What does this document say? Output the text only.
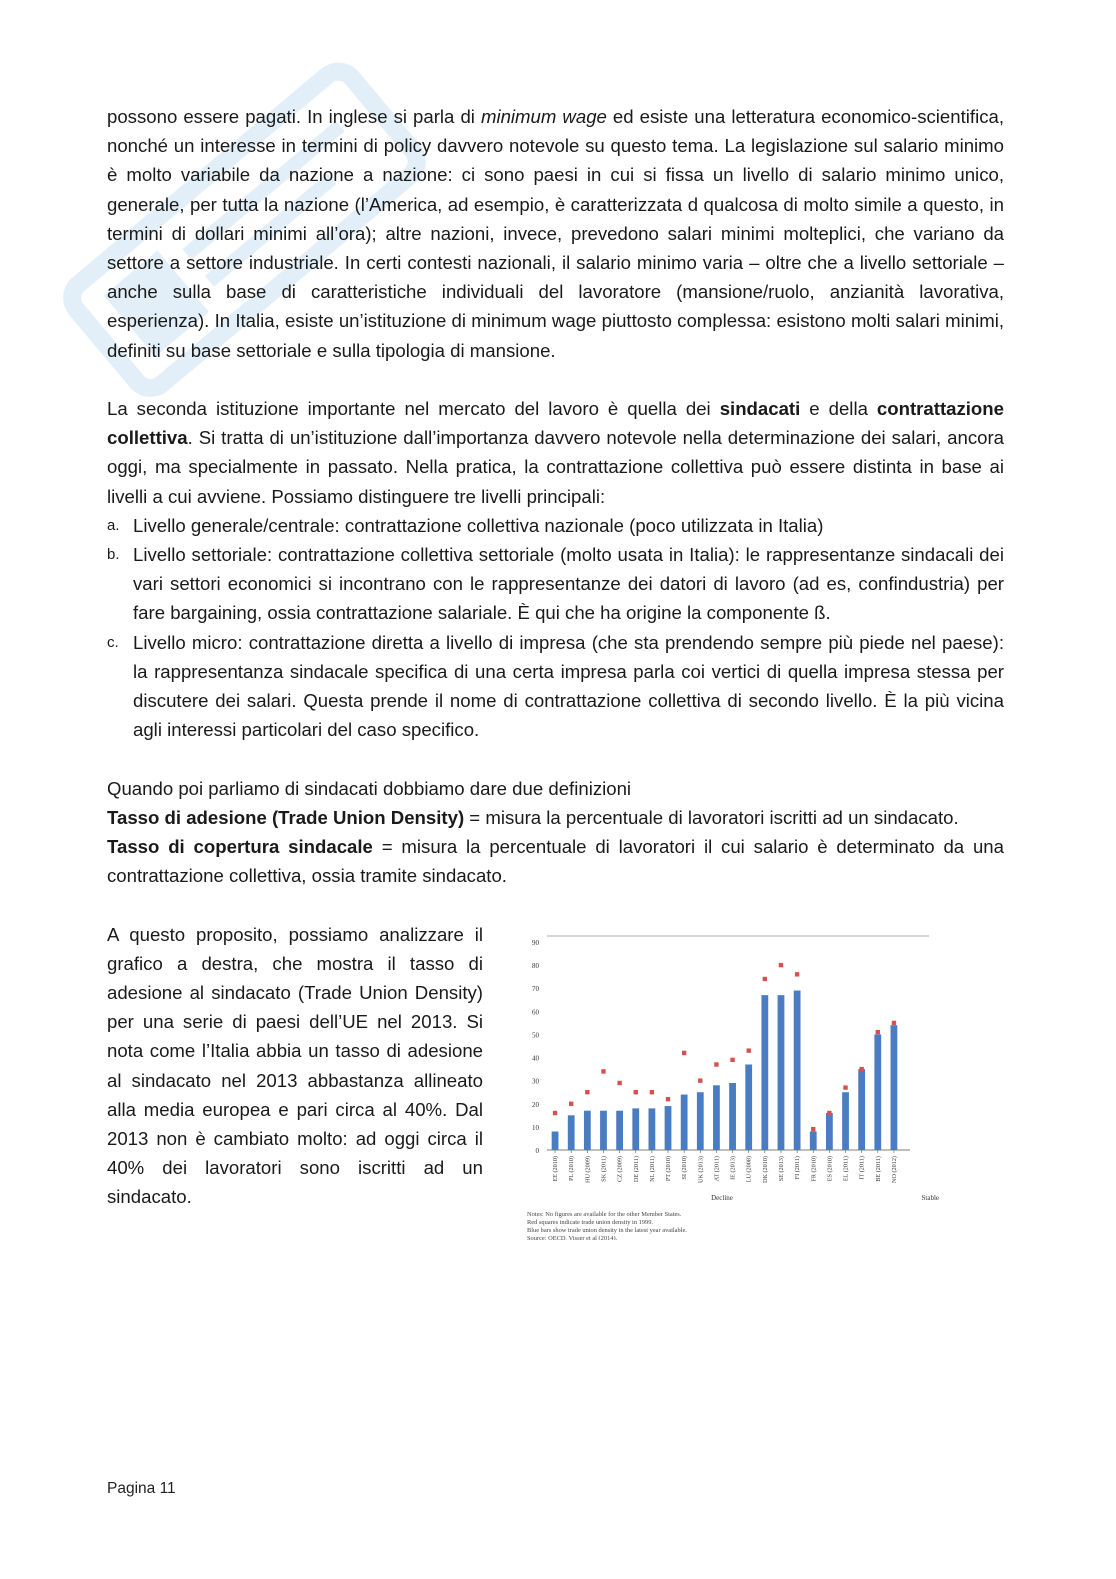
possono essere pagati. In inglese si parla di minimum wage ed esiste una letteratura economico-scientifica, nonché un interesse in termini di policy davvero notevole su questo tema. La legislazione sul salario minimo è molto variabile da nazione a nazione: ci sono paesi in cui si fissa un livello di salario minimo unico, generale, per tutta la nazione (l’America, ad esempio, è caratterizzata d qualcosa di molto simile a questo, in termini di dollari minimi all’ora); altre nazioni, invece, prevedono salari minimi molteplici, che variano da settore a settore industriale. In certi contesti nazionali, il salario minimo varia – oltre che a livello settoriale – anche sulla base di caratteristiche individuali del lavoratore (mansione/ruolo, anzianità lavorativa, esperienza). In Italia, esiste un’istituzione di minimum wage piuttosto complessa: esistono molti salari minimi, definiti su base settoriale e sulla tipologia di mansione.

La seconda istituzione importante nel mercato del lavoro è quella dei sindacati e della contrattazione collettiva. Si tratta di un’istituzione dall’importanza davvero notevole nella determinazione dei salari, ancora oggi, ma specialmente in passato. Nella pratica, la contrattazione collettiva può essere distinta in base ai livelli a cui avviene. Possiamo distinguere tre livelli principali:

a. Livello generale/centrale: contrattazione collettiva nazionale (poco utilizzata in Italia)
b. Livello settoriale: contrattazione collettiva settoriale (molto usata in Italia): le rappresentanze sindacali dei vari settori economici si incontrano con le rappresentanze dei datori di lavoro (ad es, confindustria) per fare bargaining, ossia contrattazione salariale. È qui che ha origine la componente ß.
c. Livello micro: contrattazione diretta a livello di impresa (che sta prendendo sempre più piede nel paese): la rappresentanza sindacale specifica di una certa impresa parla coi vertici di quella impresa stessa per discutere dei salari. Questa prende il nome di contrattazione collettiva di secondo livello. È la più vicina agli interessi particolari del caso specifico.

Quando poi parliamo di sindacati dobbiamo dare due definizioni

Tasso di adesione (Trade Union Density) = misura la percentuale di lavoratori iscritti ad un sindacato.

Tasso di copertura sindacale = misura la percentuale di lavoratori il cui salario è determinato da una contrattazione collettiva, ossia tramite sindacato.

A questo proposito, possiamo analizzare il grafico a destra, che mostra il tasso di adesione al sindacato (Trade Union Density) per una serie di paesi dell’UE nel 2013. Si nota come l’Italia abbia un tasso di adesione al sindacato nel 2013 abbastanza allineato alla media europea e pari circa al 40%. Dal 2013 non è cambiato molto: ad oggi circa il 40% dei lavoratori sono iscritti ad un sindacato.

0
10
20
30
40
50
60
70
80
90
EE (2010) PL (2010) HU (2009) SK (2011) CZ (2009) DE (2011) NL (2011) PT (2010) SI (2010) UK (2013) AT (2011) IE (2013) LU (2008) DK (2010) SE (2013) FI (2011) FR (2010) ES (2010) EL (2011) IT (2011) BE (2011) NO (2012)
Decline	Stable
Notes: No figures are available for the other Member States.
Red squares indicate trade union density in 1999.
Blue bars show trade union density in the latest year available.
Source: OECD, Visser et al (2014).
Pagina 11
